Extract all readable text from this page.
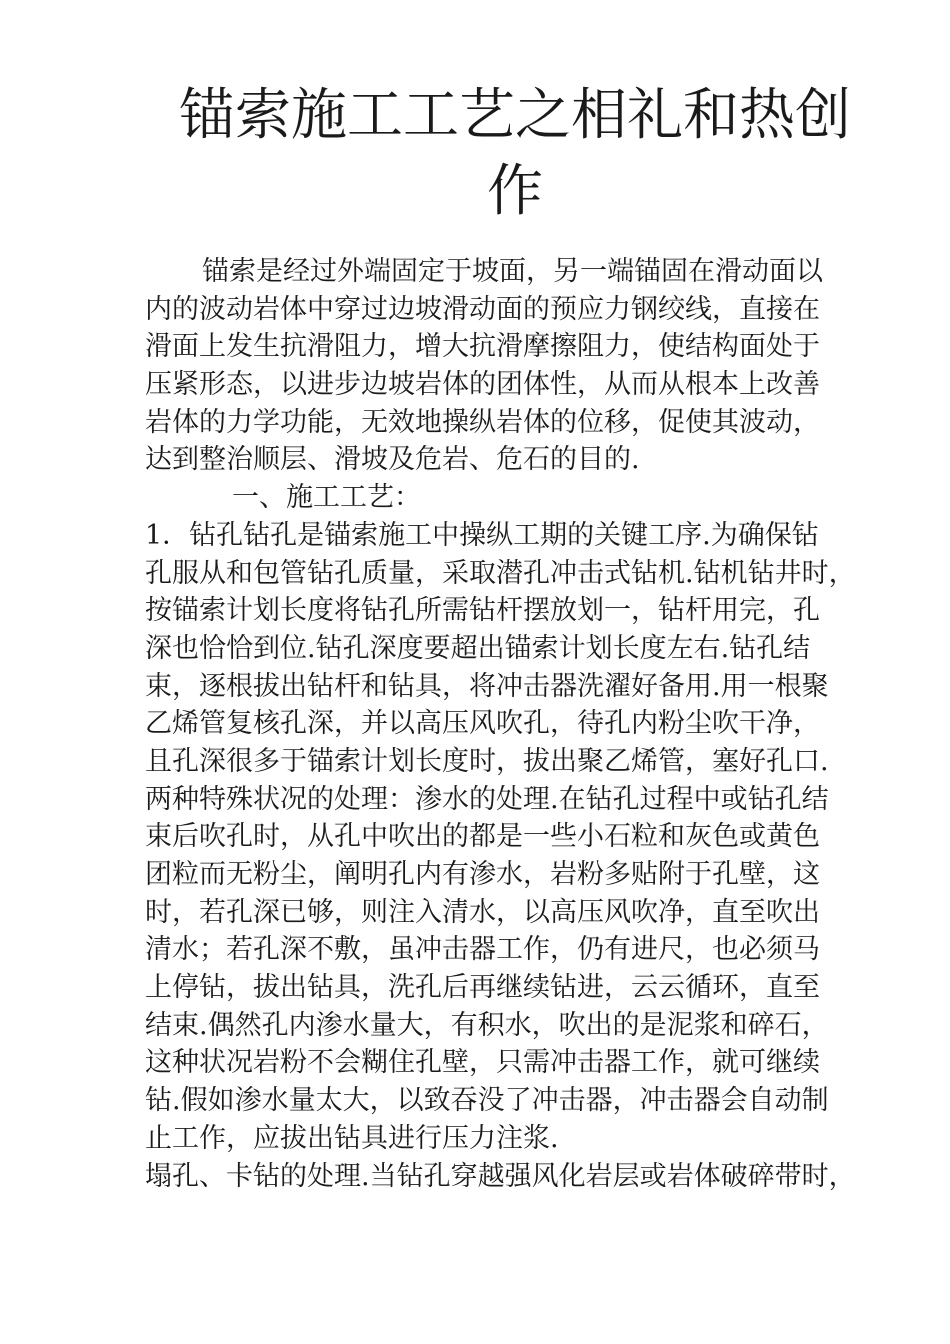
锚索施工工艺之相礼和热创
作
锚索是经过外端固定于坡面，另一端锚固在滑动面以
内的波动岩体中穿过边坡滑动面的预应力钢绞线，直接在
滑面上发生抗滑阻力，增大抗滑摩擦阻力，使结构面处于
压紧形态，以进步边坡岩体的团体性，从而从根本上改善
岩体的力学功能，无效地操纵岩体的位移，促使其波动，
达到整治顺层、滑坡及危岩、危石的目的.
一、施工工艺：
1．钻孔钻孔是锚索施工中操纵工期的关键工序.为确保钻
孔服从和包管钻孔质量，采取潜孔冲击式钻机.钻机钻井时，
按锚索计划长度将钻孔所需钻杆摆放划一，钻杆用完，孔
深也恰恰到位.钻孔深度要超出锚索计划长度左右.钻孔结
束，逐根拔出钻杆和钻具，将冲击器洗濯好备用.用一根聚
乙烯管复核孔深，并以高压风吹孔，待孔内粉尘吹干净，
且孔深很多于锚索计划长度时，拔出聚乙烯管，塞好孔口.
两种特殊状况的处理：渗水的处理.在钻孔过程中或钻孔结
束后吹孔时，从孔中吹出的都是一些小石粒和灰色或黄色
团粒而无粉尘，阐明孔内有渗水，岩粉多贴附于孔壁，这
时，若孔深已够，则注入清水，以高压风吹净，直至吹出
清水；若孔深不敷，虽冲击器工作，仍有进尺，也必须马
上停钻，拔出钻具，洗孔后再继续钻进，云云循环，直至
结束.偶然孔内渗水量大，有积水，吹出的是泥浆和碎石，
这种状况岩粉不会糊住孔壁，只需冲击器工作，就可继续
钻.假如渗水量太大，以致吞没了冲击器，冲击器会自动制
止工作，应拔出钻具进行压力注浆.
塌孔、卡钻的处理.当钻孔穿越强风化岩层或岩体破碎带时，
